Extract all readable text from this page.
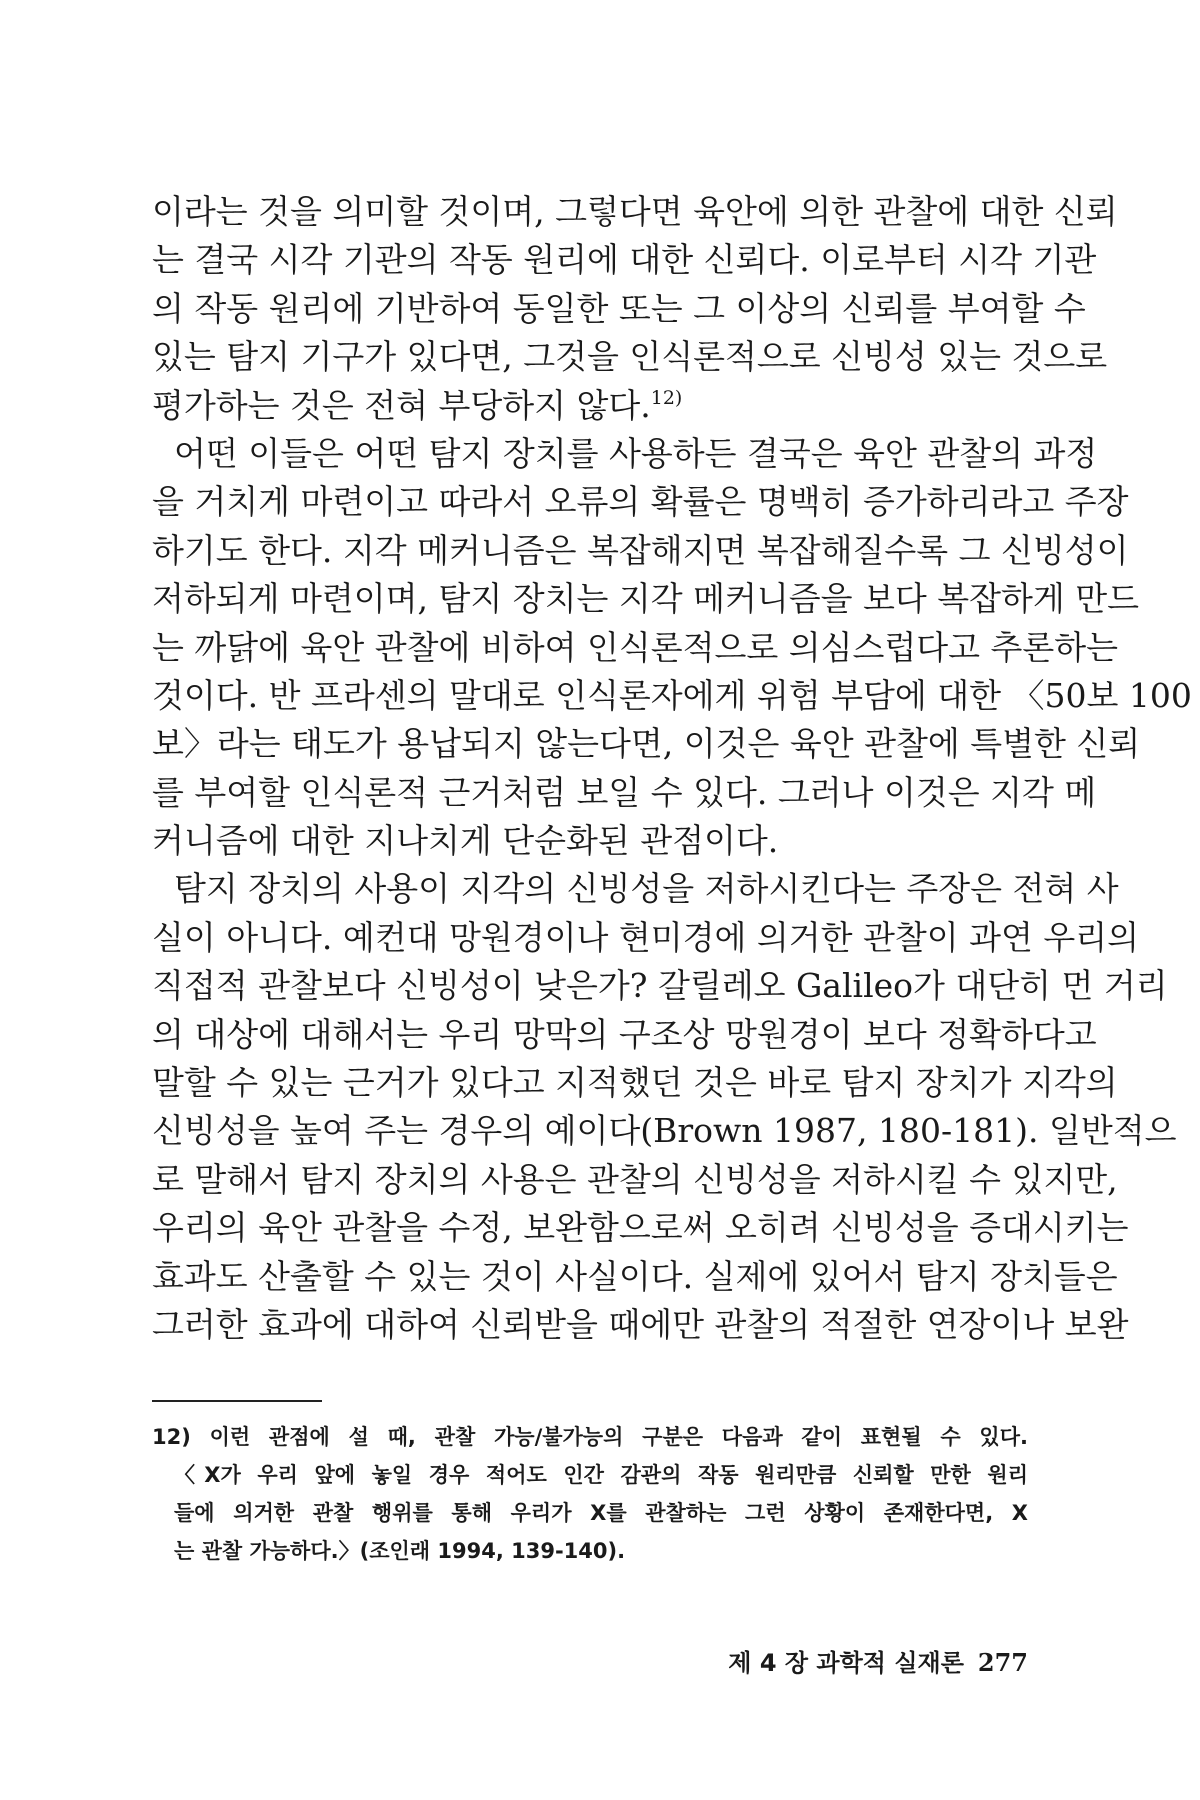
이라는 것을 의미할 것이며, 그렇다면 육안에 의한 관찰에 대한 신뢰
는 결국 시각 기관의 작동 원리에 대한 신뢰다. 이로부터 시각 기관
의 작동 원리에 기반하여 동일한 또는 그 이상의 신뢰를 부여할 수
있는 탐지 기구가 있다면, 그것을 인식론적으로 신빙성 있는 것으로
평가하는 것은 전혀 부당하지 않다.$^{12)}$
어떤 이들은 어떤 탐지 장치를 사용하든 결국은 육안 관찰의 과정
을 거치게 마련이고 따라서 오류의 확률은 명백히 증가하리라고 주장
하기도 한다. 지각 메커니즘은 복잡해지면 복잡해질수록 그 신빙성이
저하되게 마련이며, 탐지 장치는 지각 메커니즘을 보다 복잡하게 만드
는 까닭에 육안 관찰에 비하여 인식론적으로 의심스럽다고 추론하는
것이다. 반 프라센의 말대로 인식론자에게 위험 부담에 대한 〈50보 100
보〉라는 태도가 용납되지 않는다면, 이것은 육안 관찰에 특별한 신뢰
를 부여할 인식론적 근거처럼 보일 수 있다. 그러나 이것은 지각 메
커니즘에 대한 지나치게 단순화된 관점이다.
탐지 장치의 사용이 지각의 신빙성을 저하시킨다는 주장은 전혀 사
실이 아니다. 예컨대 망원경이나 현미경에 의거한 관찰이 과연 우리의
직접적 관찰보다 신빙성이 낮은가? 갈릴레오 Galileo가 대단히 먼 거리
의 대상에 대해서는 우리 망막의 구조상 망원경이 보다 정확하다고
말할 수 있는 근거가 있다고 지적했던 것은 바로 탐지 장치가 지각의
신빙성을 높여 주는 경우의 예이다(Brown 1987, 180-181). 일반적으
로 말해서 탐지 장치의 사용은 관찰의 신빙성을 저하시킬 수 있지만,
우리의 육안 관찰을 수정, 보완함으로써 오히려 신빙성을 증대시키는
효과도 산출할 수 있는 것이 사실이다. 실제에 있어서 탐지 장치들은
그러한 효과에 대하여 신뢰받을 때에만 관찰의 적절한 연장이나 보완
12) 이런 관점에 설 때, 관찰 가능/불가능의 구분은 다음과 같이 표현될 수 있다.
〈X가 우리 앞에 놓일 경우 적어도 인간 감관의 작동 원리만큼 신뢰할 만한 원리
들에 의거한 관찰 행위를 통해 우리가 X를 관찰하는 그런 상황이 존재한다면, X
는 관찰 가능하다.〉(조인래 1994, 139-140).
제 4 장 과학적 실재론 277
